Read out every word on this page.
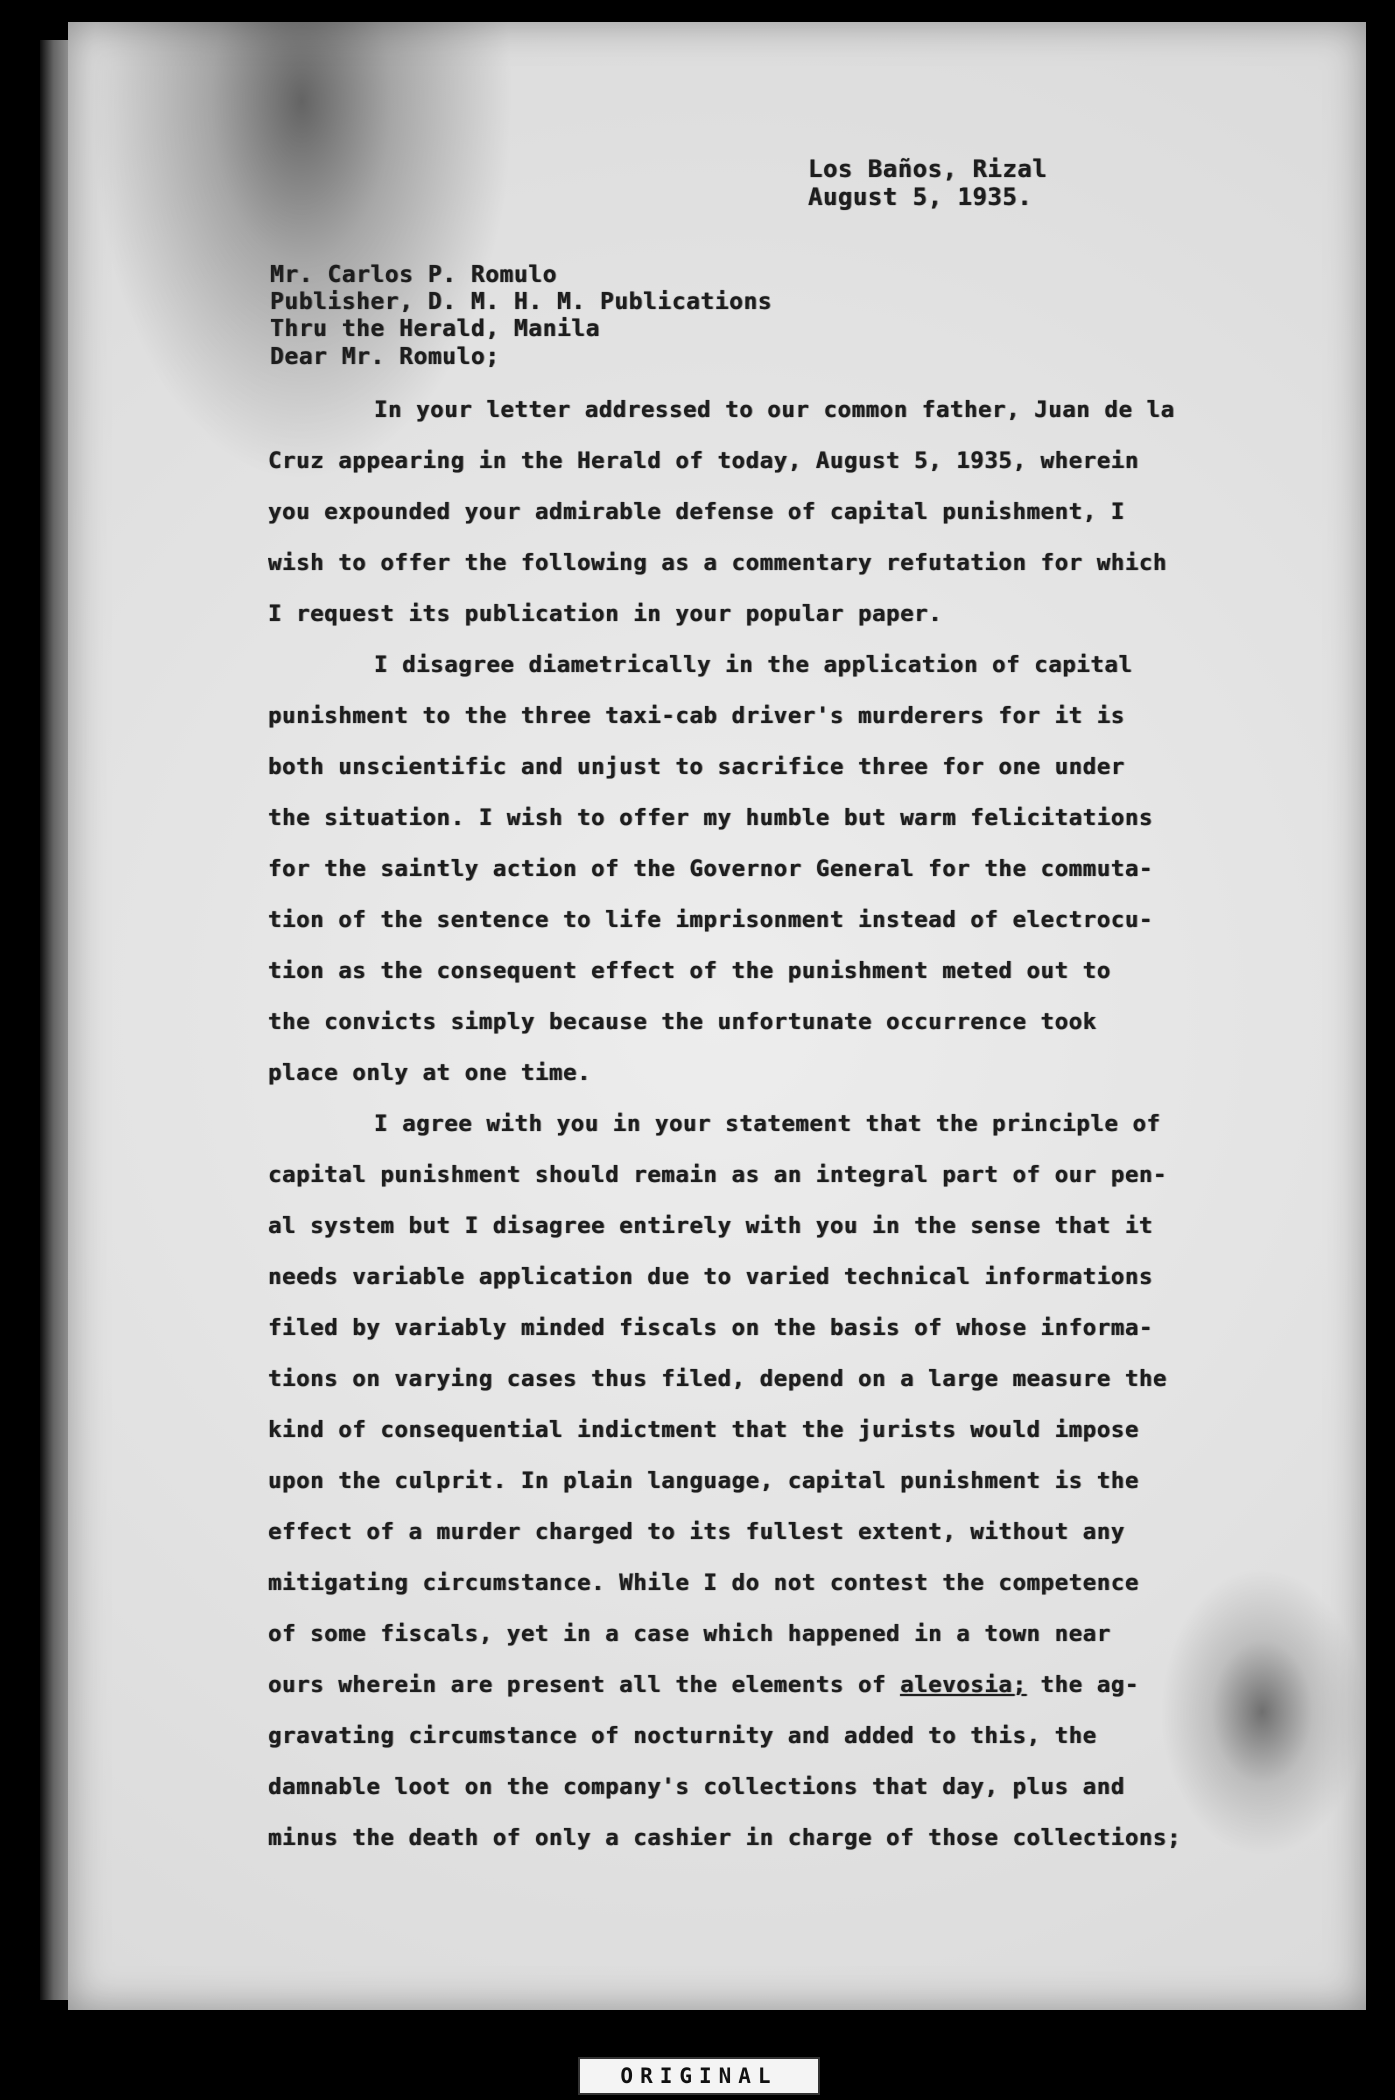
Los Baños, Rizal
August 5, 1935.
Mr. Carlos P. Romulo
Publisher, D. M. H. M. Publications
Thru the Herald, Manila
Dear Mr. Romulo;
In your letter addressed to our common father, Juan de la
Cruz appearing in the Herald of today, August 5, 1935, wherein
you expounded your admirable defense of capital punishment, I
wish to offer the following as a commentary refutation for which
I request its publication in your popular paper.
I disagree diametrically in the application of capital
punishment to the three taxi-cab driver's murderers for it is
both unscientific and unjust to sacrifice three for one under
the situation. I wish to offer my humble but warm felicitations
for the saintly action of the Governor General for the commuta-
tion of the sentence to life imprisonment instead of electrocu-
tion as the consequent effect of the punishment meted out to
the convicts simply because the unfortunate occurrence took
place only at one time.
I agree with you in your statement that the principle of
capital punishment should remain as an integral part of our pen-
al system but I disagree entirely with you in the sense that it
needs variable application due to varied technical informations
filed by variably minded fiscals on the basis of whose informa-
tions on varying cases thus filed, depend on a large measure the
kind of consequential indictment that the jurists would impose
upon the culprit. In plain language, capital punishment is the
effect of a murder charged to its fullest extent, without any
mitigating circumstance. While I do not contest the competence
of some fiscals, yet in a case which happened in a town near
ours wherein are present all the elements of alevosia; the ag-
gravating circumstance of nocturnity and added to this, the
damnable loot on the company's collections that day, plus and
minus the death of only a cashier in charge of those collections;
ORIGINAL
